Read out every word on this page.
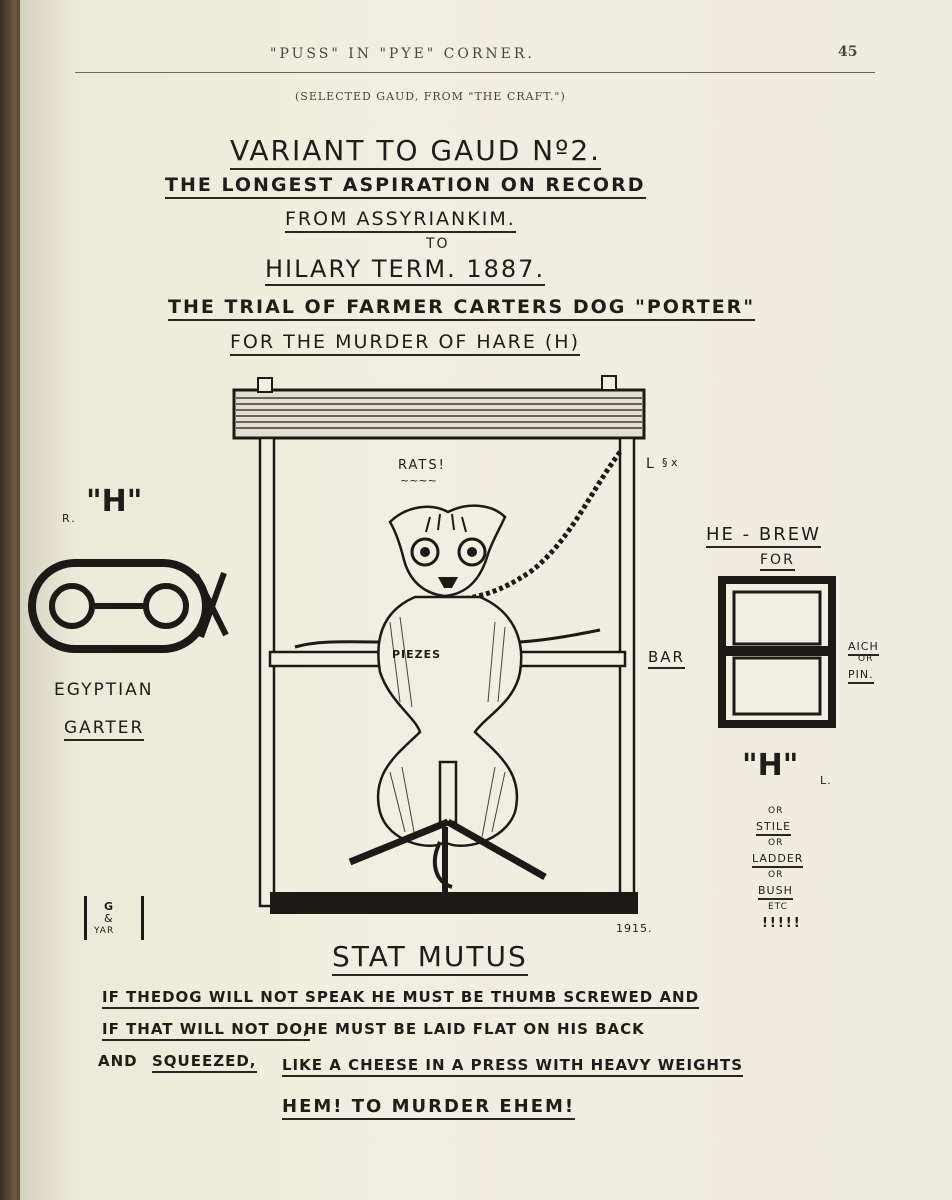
"PUSS" IN "PYE" CORNER.	45
(SELECTED GAUD, FROM "THE CRAFT.")
VARIANT TO GAUD Nº2.
THE LONGEST ASPIRATION ON RECORD
FROM ASSYRIANKIM.
TO
HILARY TERM. 1887.
THE TRIAL OF FARMER CARTERS DOG "PORTER"
FOR THE MURDER OF HARE (H)
RATS!
~~~~
PIEZES
L § x
M.S.C
1915.
R. "H"
EGYPTIAN
GARTER
G
&
YAR
HE - BREW
FOR
BAR
AICH
OR
PIN.
"H" L.
OR
STILE
OR
LADDER
OR
BUSH
ETC
!!!!!
STAT MUTUS
IF THEDOG WILL NOT SPEAK HE MUST BE THUMB SCREWED AND
IF THAT WILL NOT DO,
HE MUST BE LAID FLAT ON HIS BACK
AND SQUEEZED, LIKE A CHEESE IN A PRESS WITH HEAVY WEIGHTS
HEM! TO MURDER EHEM!
